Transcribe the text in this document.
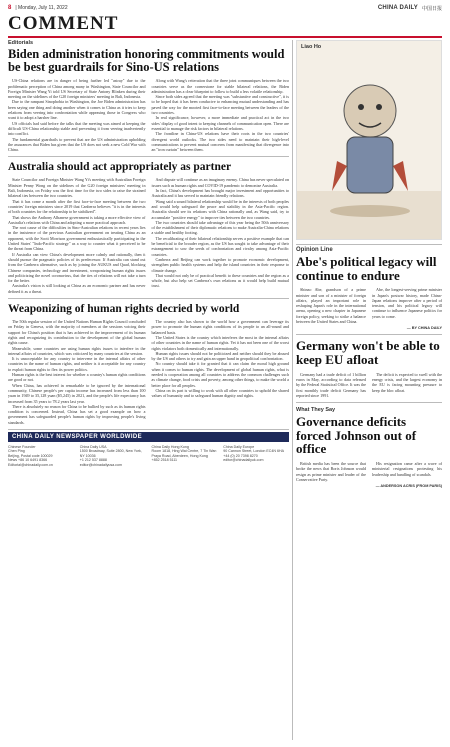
8 | Monday, July 11, 2022	CHINA DAILY 中国日报
COMMENT
Editorials
Biden administration honoring commitments would be best guardrails for Sino-US relations

US-China relations are in danger of being further led "astray" due to the problematic perception of China among many in Washington, State Councilor and Foreign Minister Wang Yi told US Secretary of State Antony Blinken during their meeting on the sidelines of the G20 foreign ministers' meeting in Bali, Indonesia.

Due to the rampant Sinophobia in Washington, the Joe Biden administration has been saying one thing and doing another when it comes to China as it tries to keep relations from veering into confrontation while appeasing those in Congress who want it to adopt a harsher line.

US officials had said before the talks that the meeting was aimed at keeping the difficult US-China relationship stable and preventing it from veering inadvertently into conflict.

The fundamental guardrails to prevent that are the US administration upholding the assurances that Biden has given that the US does not seek a new Cold War with China.

Along with Wang's reiteration that the three joint communiques between the two countries serve as the cornerstone for stable bilateral relations, the Biden administration has a clear blueprint to follow to build a less volatile relationship.

Since both sides agreed that the meeting was "substantive and constructive", it is to be hoped that it has been conducive to enhancing mutual understanding and has paved the way for the mooted first face-to-face meeting between the leaders of the two countries.

In real significance, however, a more immediate and practical act in the two sides' display of good intent to keeping channels of communication open. There are essential to manage the risk factors in bilateral relations.

The frontline in China-US relations have their roots in the two countries' divergent world outlooks. The two sides need to maintain their high-level communications to prevent mutual concerns from manifesting that divergence into an "iron curtain" between them.

Australia should act appropriately as partner

State Councilor and Foreign Minister Wang Yi's meeting with Australian Foreign Minister Penny Wong on the sidelines of the G20 foreign ministers' meeting in Bali, Indonesia, on Friday was the first time for the two sides to raise the strained bilateral ties between the two countries.

That it has come a month after the first face-to-face meeting between the two countries' foreign ministers since 2019 that Canberra believes "it is in the interests of both countries for the relationship to be stabilized".

That shows the Anthony Albanese government is taking a more effective view of Australia's relations with China and adopting a more practical approach.

The root cause of the difficulties in Sino-Australian relations in recent years lies in the insistence of the previous Australian government on treating China as an opponent, with the Scott Morrison government enthusiastically participating in the United States' "Indo-Pacific strategy" as a way to counter what it perceived to be the threat from China.

If Australia can view China's development more calmly and rationally, then it should pursue the pragmatic policies of its predecessor. If Australia can stand out from the Canberra alternative, such as by joining the AUKUS and Quad, blocking Chinese companies, technology and investment, weaponizing human rights issues and politicizing the novel coronavirus, that the ties of relations will not take a turn for the better.

Australia's vision is still looking at China as an economic partner and has never defined it as a threat.

And dispute will continue as an imaginary enemy. China has never speculated on issues such as human rights and COVID-19 pandemic to demonize Australia.

In fact, China's development has brought major investment and opportunities to Australia and it has served to maintain friendly relations.

Wang said a sound bilateral relationship would be in the interests of both peoples and would help safeguard the peace and stability in the Asia-Pacific region. Australia should see its relations with China rationally and, as Wang said, try to accumulate "positive energy" to improve ties between the two countries.

The two countries should take advantage of this year being the 50th anniversary of the establishment of their diplomatic relations to make Australia-China relations a stable and healthy footing.

The recalibrating of their bilateral relationship serves a positive example that can be beneficial to the broader region, as the US has sought to take advantage of their estrangement to sow the seeds of confrontation and rivalry among Asia-Pacific countries.

Canberra and Beijing can work together to promote economic development, strengthen public health systems and help the island countries in their response to climate change.

That would not only be of practical benefit to these countries and the region as a whole, but also help set Canberra's own relations as it would help build mutual trust.

Weaponizing of human rights decried by world

The 50th regular session of the United Nations Human Rights Council concluded on Friday in Geneva, with the majority of members at the sessions voicing their support for China's position that is has achieved in the improvement of its human rights and recognizing its contribution to the development of the global human rights cause.

Meanwhile, some countries are using human rights issues to interfere in the internal affairs of countries, which was criticized by many countries at the session.

It is unacceptable for any country to intervene in the internal affairs of other countries in the name of human rights, and neither is it acceptable for any country to exploit human rights to flex its power politics.

Human rights is the best interest for whether a country's human rights conditions are good or not.

When China, has achieved in remarkable to be ignored by the international community, Chinese people's per capita income has increased from less than 100 yuan in 1949 to 35,128 yuan ($5,245) in 2021, and the people's life expectancy has increased from 35 years to 78.2 years last year.

There is absolutely no reason for China to be bullied by such as its human rights condition is concerned. Instead, China has set a good example on how a government has safeguarded people's human rights by improving people's living standards.

The country also has shown to the world how a government can leverage its power to promote the human rights conditions of its people to an all-round and balanced basis.

The United States is the country which interferes the most in the internal affairs of other countries in the name of human rights. Yet it has not been one of the worst rights violators both domestically and internationally.

Human rights issues should not be politicized and neither should they be abused by the US and others to try and gain an upper hand in geopolitical confrontation.

No country should take it for granted that it can claim the moral high ground when it comes to human rights. The development of global human rights, what is needed is cooperation among all countries to address the common challenges such as climate change, food crisis and poverty, among other things, to make the world a better place for all peoples.

China on its part is willing to work with all other countries to uphold the shared values of humanity and to safeguard human dignity and rights.

CHINA DAILY NEWSPAPER WORLDWIDE
Chinese Founder
Chen Ping
Beijing, Postal code 100029
News +86 10 6491 8366
Editorial@chinadaily.com.cn
China Daily USA
1500 Broadway, Suite 2800, New York, NY 10036
+1 212 537 8888
editor@chinadailyusa.com
China Daily Hong Kong
Room 1818, Hing Wai Centre, 7 Tin Wan Praya Road, Aberdeen, Hong Kong
+852 2518 5111
China Daily Europe
90 Cannon Street, London EC4N 6HA
+44 (0) 20 7398 8270
editor@chinadailyuk.com
Liao Ho
Opinion Line
Abe's political legacy will continue to endure

Shinzo Abe, grandson of a prime minister and son of a minister of foreign affairs, played an important role in reshaping Japan's role in the international arena, opening a new chapter in Japanese foreign policy, seeking to strike a balance between the United States and China.

Abe, the longest-serving prime minister in Japan's postwar history, made China-Japan relations improve after a period of tension, and his political legacy will continue to influence Japanese politics for years to come.

— BY CHINA DAILY
Germany won't be able to keep EU afloat

Germany had a trade deficit of 1 billion euros in May, according to data released by the Federal Statistical Office. It was the first monthly trade deficit Germany has reported since 1991.

The deficit is expected to swell with the energy crisis, and the largest economy in the EU is facing mounting pressure to keep the bloc afloat.

What They Say
Governance deficits forced Johnson out of office

British media has been the source that broke the news that Boris Johnson would resign as prime minister and leader of the Conservative Party.

His resignation came after a wave of ministerial resignations protesting his leadership and handling of scandals.

— ANDERSON ACRIS (FROM PARIS)
